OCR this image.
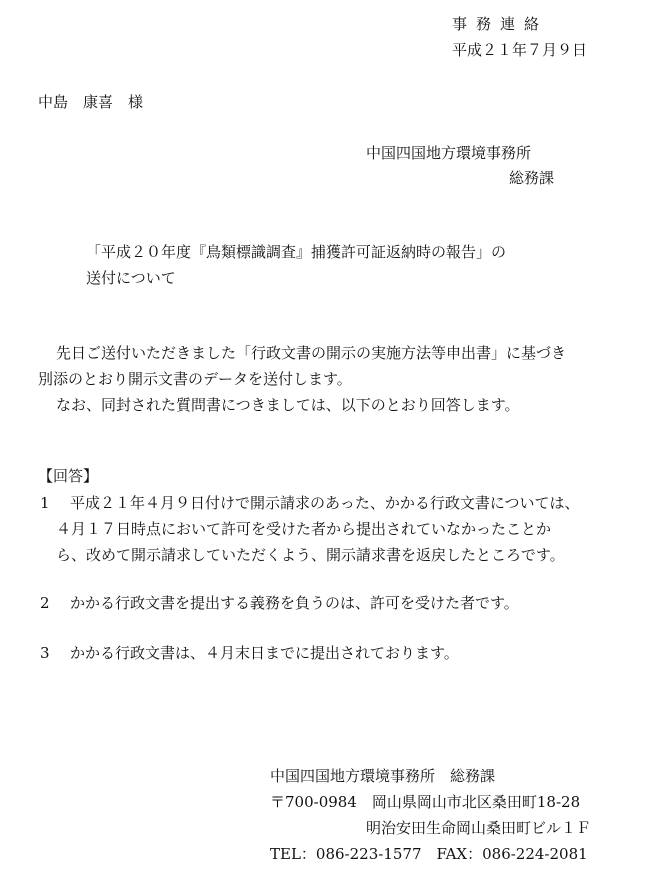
事務連絡
平成２１年７月９日
中島　康喜　様
中国四国地方環境事務所
総務課
「平成２０年度『鳥類標識調査』捕獲許可証返納時の報告」の
送付について
先日ご送付いただきました「行政文書の開示の実施方法等申出書」に基づき
別添のとおり開示文書のデータを送付します。
なお、同封された質問書につきましては、以下のとおり回答します。
【回答】
1 平成２１年４月９日付けで開示請求のあった、かかる行政文書については、
４月１７日時点において許可を受けた者から提出されていなかったことか
ら、改めて開示請求していただくよう、開示請求書を返戻したところです。
2 かかる行政文書を提出する義務を負うのは、許可を受けた者です。
3 かかる行政文書は、４月末日までに提出されております。
中国四国地方環境事務所　総務課
〒700-0984　岡山県岡山市北区桑田町18-28
明治安田生命岡山桑田町ビル１Ｆ
TEL：086-223-1577　FAX：086-224-2081
